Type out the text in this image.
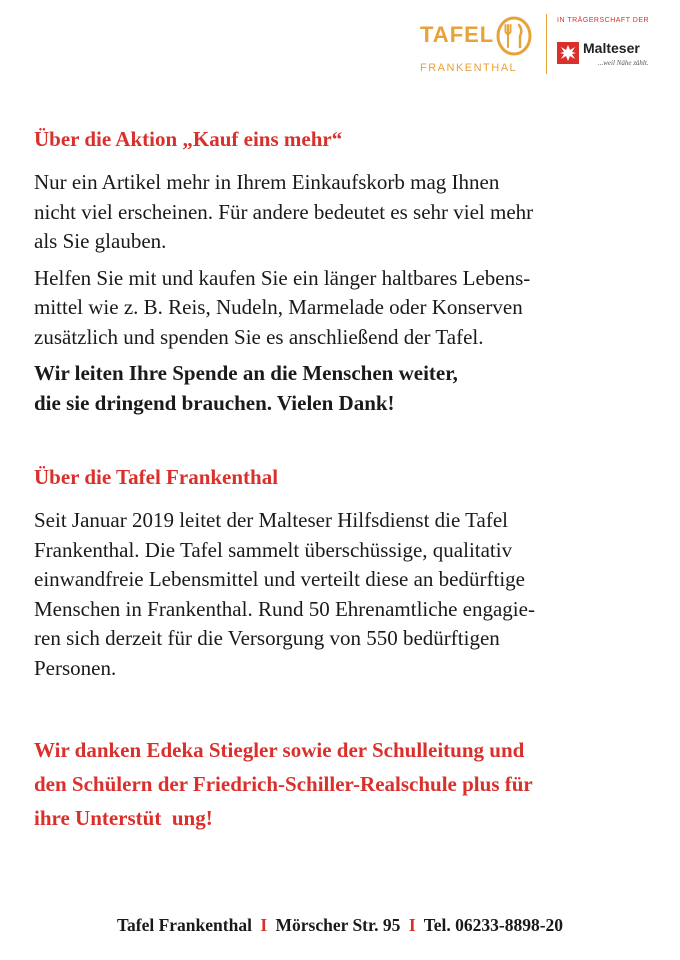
TAFEL
FRANKENTHAL
IN TRÄGERSCHAFT DER
Malteser
...weil Nähe zählt.
Über die Aktion „Kauf eins mehr“

Nur ein Artikel mehr in Ihrem Einkaufskorb mag Ihnen
nicht viel erscheinen. Für andere bedeutet es sehr viel mehr
als Sie glauben.

Helfen Sie mit und kaufen Sie ein länger haltbares Lebens-
mittel wie z. B. Reis, Nudeln, Marmelade oder Konserven
zusätzlich und spenden Sie es anschließend der Tafel.

Wir leiten Ihre Spende an die Menschen weiter,
die sie dringend brauchen. Vielen Dank!

Über die Tafel Frankenthal

Seit Januar 2019 leitet der Malteser Hilfsdienst die Tafel
Frankenthal. Die Tafel sammelt überschüssige, qualitativ
einwandfreie Lebensmittel und verteilt diese an bedürftige
Menschen in Frankenthal. Rund 50 Ehrenamtliche engagie-
ren sich derzeit für die Versorgung von 550 bedürftigen
Personen.

Wir danken Edeka Stiegler sowie der Schulleitung und
den Schülern der Friedrich-Schiller-Realschule plus für
ihre Unterstüt  ung!

Tafel Frankenthal I Mörscher Str. 95 I Tel. 06233-8898-20
